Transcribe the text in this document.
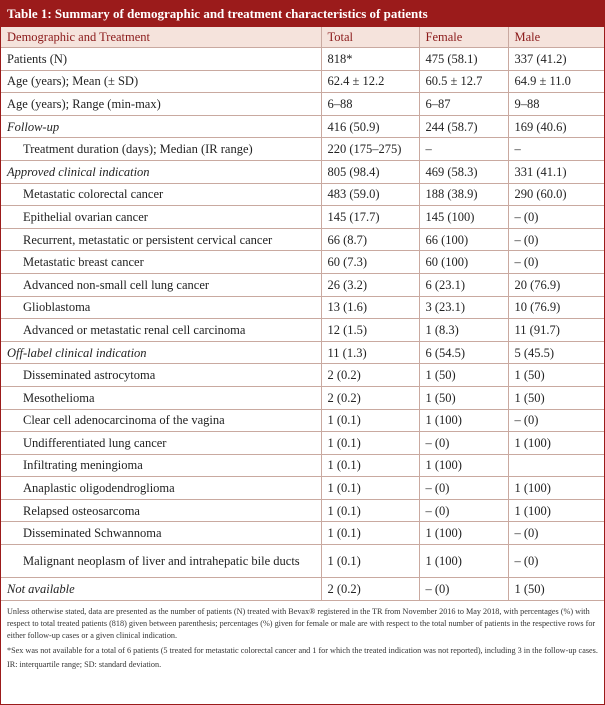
Table 1: Summary of demographic and treatment characteristics of patients
Demographic and Treatment	Total	Female	Male
Patients (N)	818*	475 (58.1)	337 (41.2)
Age (years); Mean (± SD)	62.4 ± 12.2	60.5 ± 12.7	64.9 ± 11.0
Age (years); Range (min-max)	6–88	6–87	9–88
Follow-up	416 (50.9)	244 (58.7)	169 (40.6)
Treatment duration (days); Median (IR range)	220 (175–275)	–	–
Approved clinical indication	805 (98.4)	469 (58.3)	331 (41.1)
Metastatic colorectal cancer	483 (59.0)	188 (38.9)	290 (60.0)
Epithelial ovarian cancer	145 (17.7)	145 (100)	– (0)
Recurrent, metastatic or persistent cervical cancer	66 (8.7)	66 (100)	– (0)
Metastatic breast cancer	60 (7.3)	60 (100)	– (0)
Advanced non-small cell lung cancer	26 (3.2)	6 (23.1)	20 (76.9)
Glioblastoma	13 (1.6)	3 (23.1)	10 (76.9)
Advanced or metastatic renal cell carcinoma	12 (1.5)	1 (8.3)	11 (91.7)
Off-label clinical indication	11 (1.3)	6 (54.5)	5 (45.5)
Disseminated astrocytoma	2 (0.2)	1 (50)	1 (50)
Mesothelioma	2 (0.2)	1 (50)	1 (50)
Clear cell adenocarcinoma of the vagina	1 (0.1)	1 (100)	– (0)
Undifferentiated lung cancer	1 (0.1)	– (0)	1 (100)
Infiltrating meningioma	1 (0.1)	1 (100)	
Anaplastic oligodendroglioma	1 (0.1)	– (0)	1 (100)
Relapsed osteosarcoma	1 (0.1)	– (0)	1 (100)
Disseminated Schwannoma	1 (0.1)	1 (100)	– (0)
Malignant neoplasm of liver and intrahepatic bile ducts	1 (0.1)	1 (100)	– (0)
Not available	2 (0.2)	– (0)	1 (50)

Unless otherwise stated, data are presented as the number of patients (N) treated with Bevax® registered in the TR from November 2016 to May 2018, with percentages (%) with respect to total treated patients (818) given between parenthesis; percentages (%) given for female or male are with respect to the total number of patients in the respective rows for either follow-up cases or a given clinical indication.

*Sex was not available for a total of 6 patients (5 treated for metastatic colorectal cancer and 1 for which the treated indication was not reported), including 3 in the follow-up cases.

IR: interquartile range; SD: standard deviation.
